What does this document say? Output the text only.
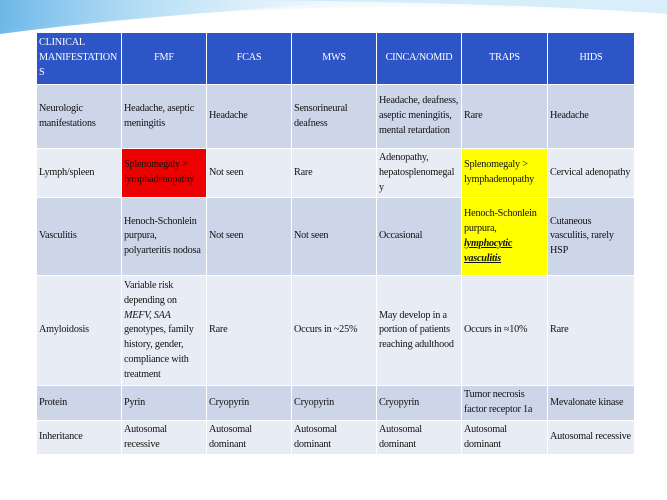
CLINICAL MANIFESTATIONS	FMF	FCAS	MWS	CINCA/NOMID	TRAPS	HIDS
Neurologic manifestations	Headache, aseptic meningitis	Headache	Sensorineural deafness	Headache, deafness, aseptic meningitis, mental retardation	Rare	Headache
Lymph/spleen	Splenomegaly > lymphadenopathy	Not seen	Rare	Adenopathy, hepatosplenomegaly	Splenomegaly > lymphadenopathy	Cervical adenopathy
Vasculitis	Henoch-Schonlein purpura, polyarteritis nodosa	Not seen	Not seen	Occasional	Henoch-Schonlein purpura, lymphocytic vasculitis	Cutaneous vasculitis, rarely HSP
Amyloidosis	Variable risk depending on MEFV, SAA genotypes, family history, gender, compliance with treatment	Rare	Occurs in ~25%	May develop in a portion of patients reaching adulthood	Occurs in ≈10%	Rare
Protein	Pyrin	Cryopyrin	Cryopyrin	Cryopyrin	Tumor necrosis factor receptor 1a	Mevalonate kinase
Inheritance	Autosomal recessive	Autosomal dominant	Autosomal dominant	Autosomal dominant	Autosomal dominant	Autosomal recessive
